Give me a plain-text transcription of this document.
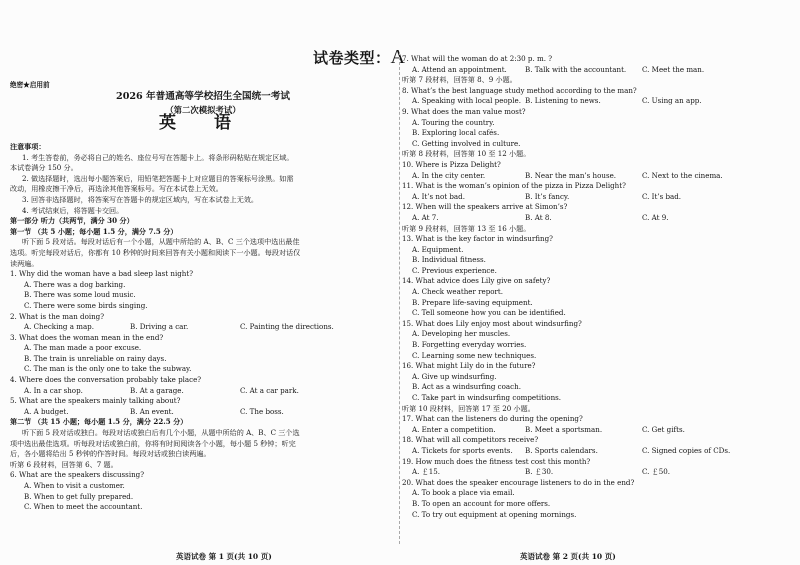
试卷类型：A
绝密★启用前
2026 年普通高等学校招生全国统一考试
（第二次模拟考试）
英 语

注意事项：

1. 考生答卷前，务必将自己的姓名、座位号写在答题卡上。将条形码粘贴在规定区域。

本试卷满分 150 分。

2. 做选择题时，选出每小题答案后，用铅笔把答题卡上对应题目的答案标号涂黑。如需

改动，用橡皮擦干净后，再选涂其他答案标号。写在本试卷上无效。

3. 回答非选择题时，将答案写在答题卡的规定区域内，写在本试卷上无效。

4. 考试结束后，将答题卡交回。

第一部分 听力（共两节，满分 30 分）

第一节 （共 5 小题；每小题 1.5 分，满分 7.5 分）

听下面 5 段对话。每段对话后有一个小题，从题中所给的 A、B、C 三个选项中选出最佳

选项。听完每段对话后，你都有 10 秒钟的时间来回答有关小题和阅读下一小题。每段对话仅

读两遍。

1. Why did the woman have a bad sleep last night?

A. There was a dog barking.

B. There was some loud music.

C. There were some birds singing.

2. What is the man doing?

A. Checking a map.	B. Driving a car.	C. Painting the directions.

3. What does the woman mean in the end?

A. The man made a poor excuse.

B. The train is unreliable on rainy days.

C. The man is the only one to take the subway.

4. Where does the conversation probably take place?

A. In a car shop.	B. At a garage.	C. At a car park.

5. What are the speakers mainly talking about?

A. A budget.	B. An event.	C. The boss.

第二节 （共 15 小题；每小题 1.5 分，满分 22.5 分）

听下面 5 段对话或独白。每段对话或独白后有几个小题，从题中所给的 A、B、C 三个选

项中选出最佳选项。听每段对话或独白前，你将有时间阅读各个小题，每小题 5 秒钟；听完

后，各小题将给出 5 秒钟的作答时间。每段对话或独白读两遍。

听第 6 段材料，回答第 6、7 题。

6. What are the speakers discussing?

A. When to visit a customer.

B. When to get fully prepared.

C. When to meet the accountant.

英语试卷 第 1 页(共 10 页)

7. What will the woman do at 2:30 p. m. ?

A. Attend an appointment.	B. Talk with the accountant.	C. Meet the man.

听第 7 段材料，回答第 8、9 小题。

8. What’s the best language study method according to the man?

A. Speaking with local people. B. Listening to news.	C. Using an app.

9. What does the man value most?

A. Touring the country.

B. Exploring local cafés.

C. Getting involved in culture.

听第 8 段材料，回答第 10 至 12 小题。

10. Where is Pizza Delight?

A. In the city center.	B. Near the man’s house.	C. Next to the cinema.

11. What is the woman’s opinion of the pizza in Pizza Delight?

A. It’s not bad.	B. It’s fancy.	C. It’s bad.

12. When will the speakers arrive at Simon’s?

A. At 7.	B. At 8.	C. At 9.

听第 9 段材料，回答第 13 至 16 小题。

13. What is the key factor in windsurfing?

A. Equipment.

B. Individual fitness.

C. Previous experience.

14. What advice does Lily give on safety?

A. Check weather report.

B. Prepare life-saving equipment.

C. Tell someone how you can be identified.

15. What does Lily enjoy most about windsurfing?

A. Developing her muscles.

B. Forgetting everyday worries.

C. Learning some new techniques.

16. What might Lily do in the future?

A. Give up windsurfing.

B. Act as a windsurfing coach.

C. Take part in windsurfing competitions.

听第 10 段材料，回答第 17 至 20 小题。

17. What can the listeners do during the opening?

A. Enter a competition.	B. Meet a sportsman.	C. Get gifts.

18. What will all competitors receive?

A. Tickets for sports events.	B. Sports calendars.	C. Signed copies of CDs.

19. How much does the fitness test cost this month?

A. ￡15.	B. ￡30.	C. ￡50.

20. What does the speaker encourage listeners to do in the end?

A. To book a place via email.

B. To open an account for more offers.

C. To try out equipment at opening mornings.

英语试卷 第 2 页(共 10 页)
